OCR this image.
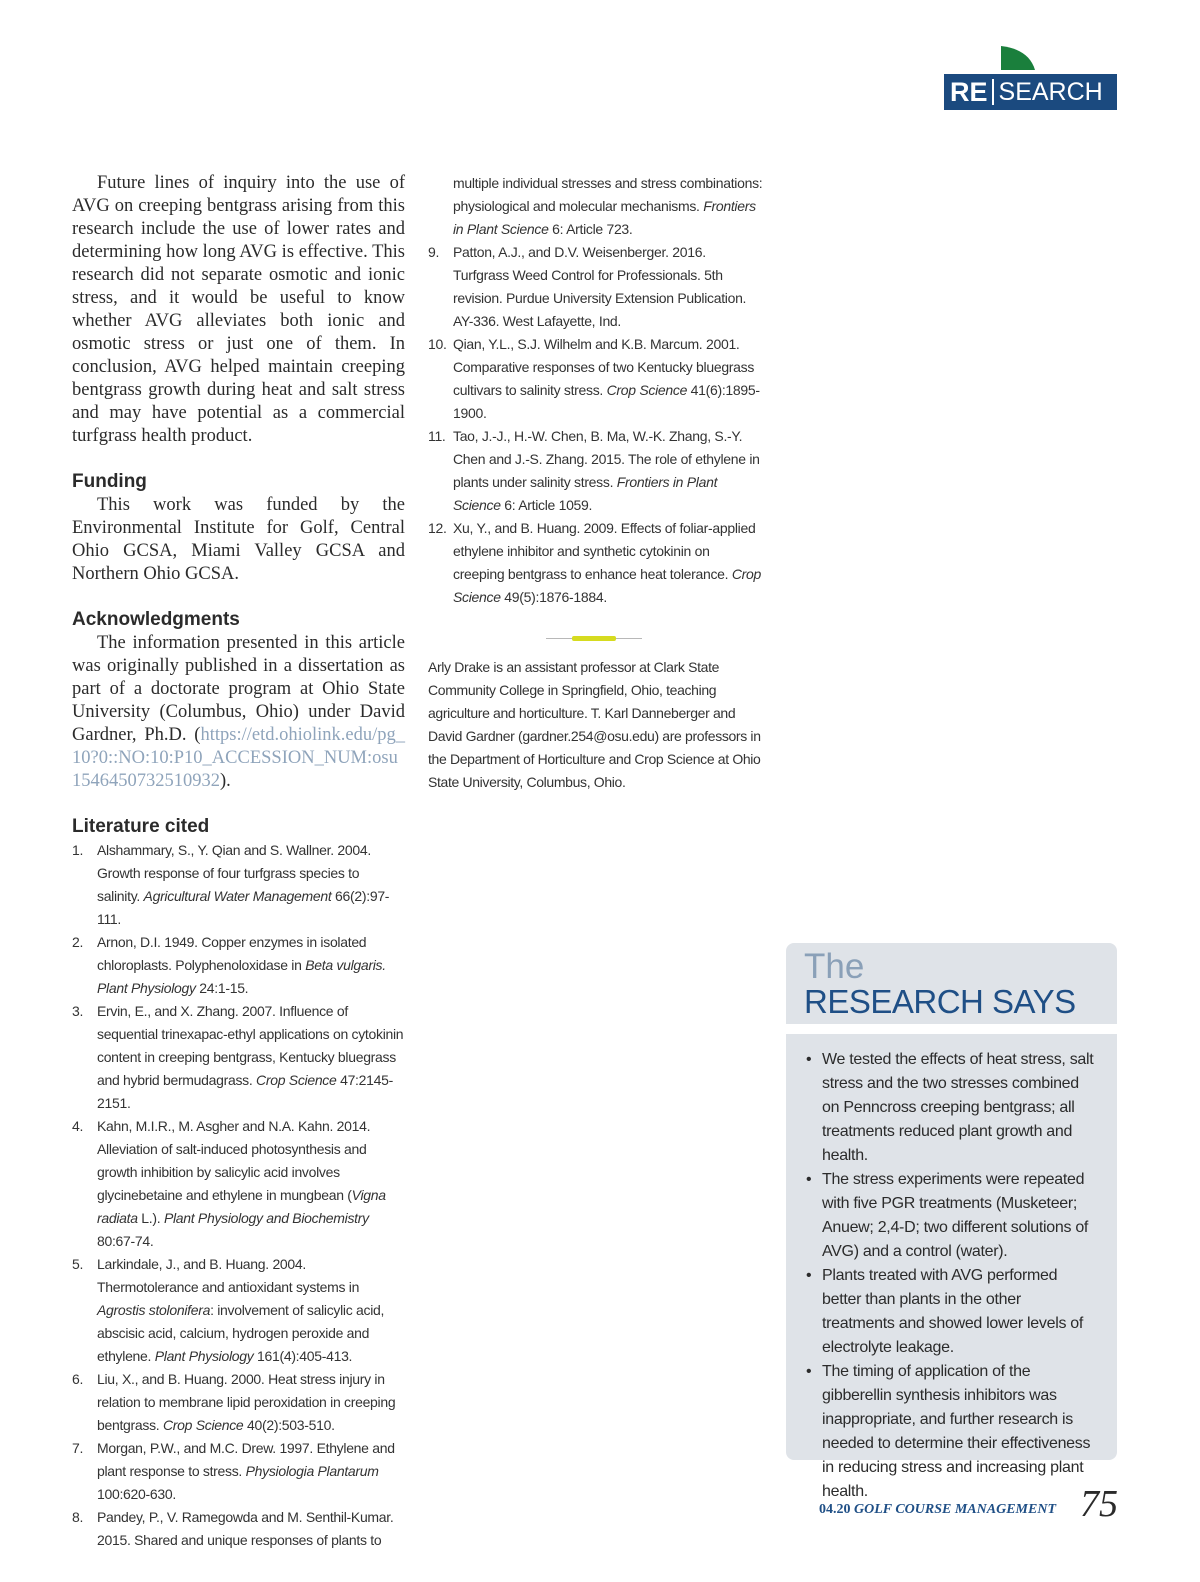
RE SEARCH

Future lines of inquiry into the use of AVG on creeping bentgrass arising from this research include the use of lower rates and determining how long AVG is effective. This research did not separate osmotic and ionic stress, and it would be useful to know whether AVG alleviates both ionic and osmotic stress or just one of them. In conclusion, AVG helped maintain creeping bentgrass growth during heat and salt stress and may have potential as a commercial turfgrass health product.

Funding

This work was funded by the Environmental Institute for Golf, Central Ohio GCSA, Miami Valley GCSA and Northern Ohio GCSA.

Acknowledgments

The information presented in this article was originally published in a dissertation as part of a doctorate program at Ohio State University (Columbus, Ohio) under David Gardner, Ph.D. (https://etd.ohiolink.edu/pg_10?0::NO:10:P10_ACCESSION_NUM:osu1546450732510932).

Literature cited
1. Alshammary, S., Y. Qian and S. Wallner. 2004. Growth response of four turfgrass species to salinity. Agricultural Water Management 66(2):97-111.
2. Arnon, D.I. 1949. Copper enzymes in isolated chloroplasts. Polyphenoloxidase in Beta vulgaris. Plant Physiology 24:1-15.
3. Ervin, E., and X. Zhang. 2007. Influence of sequential trinexapac-ethyl applications on cytokinin content in creeping bentgrass, Kentucky bluegrass and hybrid bermudagrass. Crop Science 47:2145-2151.
4. Kahn, M.I.R., M. Asgher and N.A. Kahn. 2014. Alleviation of salt-induced photosynthesis and growth inhibition by salicylic acid involves glycinebetaine and ethylene in mungbean (Vigna radiata L.). Plant Physiology and Biochemistry 80:67-74.
5. Larkindale, J., and B. Huang. 2004. Thermotolerance and antioxidant systems in Agrostis stolonifera: involvement of salicylic acid, abscisic acid, calcium, hydrogen peroxide and ethylene. Plant Physiology 161(4):405-413.
6. Liu, X., and B. Huang. 2000. Heat stress injury in relation to membrane lipid peroxidation in creeping bentgrass. Crop Science 40(2):503-510.
7. Morgan, P.W., and M.C. Drew. 1997. Ethylene and plant response to stress. Physiologia Plantarum 100:620-630.
8. Pandey, P., V. Ramegowda and M. Senthil-Kumar. 2015. Shared and unique responses of plants to
multiple individual stresses and stress combinations: physiological and molecular mechanisms. Frontiers in Plant Science 6: Article 723.
9. Patton, A.J., and D.V. Weisenberger. 2016. Turfgrass Weed Control for Professionals. 5th revision. Purdue University Extension Publication. AY-336. West Lafayette, Ind.
10. Qian, Y.L., S.J. Wilhelm and K.B. Marcum. 2001. Comparative responses of two Kentucky bluegrass cultivars to salinity stress. Crop Science 41(6):1895-1900.
11. Tao, J.-J., H.-W. Chen, B. Ma, W.-K. Zhang, S.-Y. Chen and J.-S. Zhang. 2015. The role of ethylene in plants under salinity stress. Frontiers in Plant Science 6: Article 1059.
12. Xu, Y., and B. Huang. 2009. Effects of foliar-applied ethylene inhibitor and synthetic cytokinin on creeping bentgrass to enhance heat tolerance. Crop Science 49(5):1876-1884.
Arly Drake is an assistant professor at Clark State Community College in Springfield, Ohio, teaching agriculture and horticulture. T. Karl Danneberger and David Gardner (gardner.254@osu.edu) are professors in the Department of Horticulture and Crop Science at Ohio State University, Columbus, Ohio.
The
RESEARCH SAYS
• We tested the effects of heat stress, salt stress and the two stresses combined on Penncross creeping bentgrass; all treatments reduced plant growth and health.
• The stress experiments were repeated with five PGR treatments (Musketeer; Anuew; 2,4-D; two different solutions of AVG) and a control (water).
• Plants treated with AVG performed better than plants in the other treatments and showed lower levels of electrolyte leakage.
• The timing of application of the gibberellin synthesis inhibitors was inappropriate, and further research is needed to determine their effectiveness in reducing stress and increasing plant health.
04.20 GOLF COURSE MANAGEMENT 75
